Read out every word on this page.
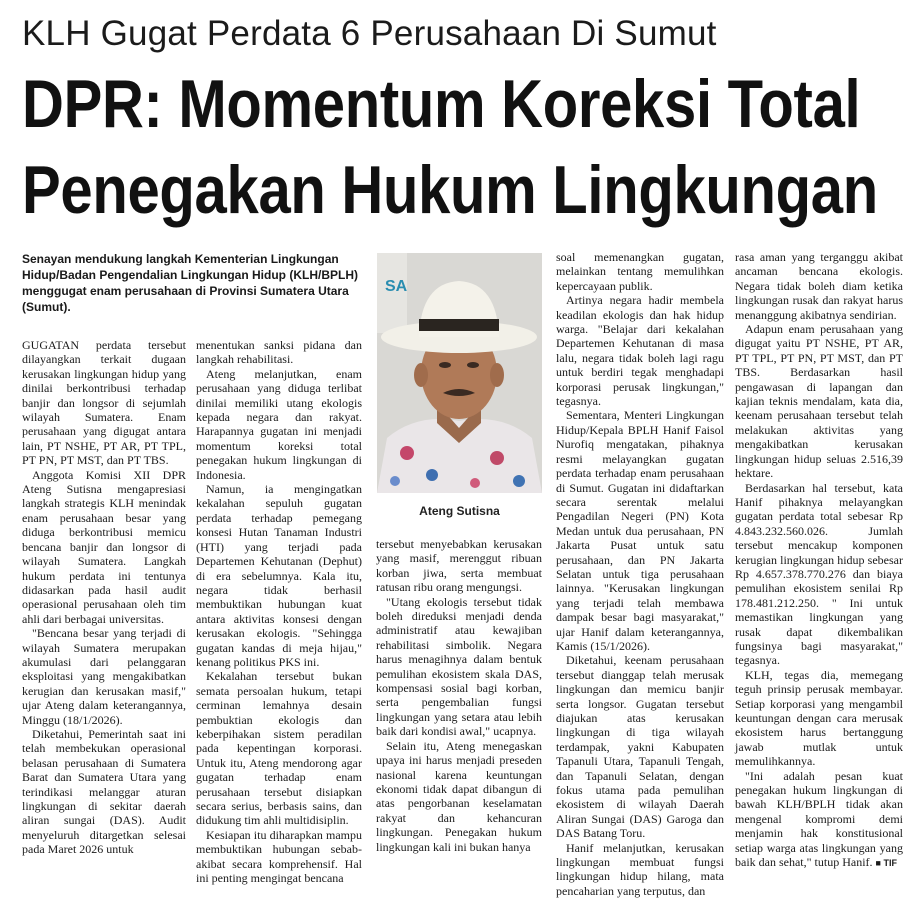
KLH Gugat Perdata 6 Perusahaan Di Sumut
DPR: Momentum Koreksi Total
Penegakan Hukum Lingkungan
Senayan mendukung langkah Kementerian Lingkungan Hidup/Badan Pengendalian Lingkungan Hidup (KLH/BPLH) menggugat enam perusahaan di Provinsi Sumatera Utara (Sumut).
SA
Ateng Sutisna

GUGATAN perdata tersebut dilayangkan terkait dugaan kerusakan lingkungan hidup yang dinilai berkontribusi terhadap banjir dan longsor di sejumlah wilayah Sumatera. Enam perusahaan yang digugat antara lain, PT NSHE, PT AR, PT TPL, PT PN, PT MST, dan PT TBS.

Anggota Komisi XII DPR Ateng Sutisna mengapresiasi langkah strategis KLH menindak enam perusahaan besar yang diduga berkontribusi memicu bencana banjir dan longsor di wilayah Sumatera. Langkah hukum perdata ini tentunya didasarkan pada hasil audit operasional perusahaan oleh tim ahli dari berbagai universitas.

"Bencana besar yang terjadi di wilayah Sumatera merupakan akumulasi dari pelanggaran eksploitasi yang mengakibatkan kerugian dan kerusakan masif," ujar Ateng dalam keterangannya, Minggu (18/1/2026).

Diketahui, Pemerintah saat ini telah membekukan operasional belasan perusahaan di Sumatera Barat dan Sumatera Utara yang terindikasi melanggar aturan lingkungan di sekitar daerah aliran sungai (DAS). Audit menyeluruh ditargetkan selesai pada Maret 2026 untuk

menentukan sanksi pidana dan langkah rehabilitasi.

Ateng melanjutkan, enam perusahaan yang diduga terlibat dinilai memiliki utang ekologis kepada negara dan rakyat. Harapannya gugatan ini menjadi momentum koreksi total penegakan hukum lingkungan di Indonesia.

Namun, ia mengingatkan kekalahan sepuluh gugatan perdata terhadap pemegang konsesi Hutan Tanaman Industri (HTI) yang terjadi pada Departemen Kehutanan (Dephut) di era sebelumnya. Kala itu, negara tidak berhasil membuktikan hubungan kuat antara aktivitas konsesi dengan kerusakan ekologis. "Sehingga gugatan kandas di meja hijau," kenang politikus PKS ini.

Kekalahan tersebut bukan semata persoalan hukum, tetapi cerminan lemahnya desain pembuktian ekologis dan keberpihakan sistem peradilan pada kepentingan korporasi. Untuk itu, Ateng mendorong agar gugatan terhadap enam perusahaan tersebut disiapkan secara serius, berbasis sains, dan didukung tim ahli multidisiplin.

Kesiapan itu diharapkan mampu membuktikan hubungan sebab-akibat secara komprehensif. Hal ini penting mengingat bencana

tersebut menyebabkan kerusakan yang masif, merenggut ribuan korban jiwa, serta membuat ratusan ribu orang mengungsi.

"Utang ekologis tersebut tidak boleh direduksi menjadi denda administratif atau kewajiban rehabilitasi simbolik. Negara harus menagihnya dalam bentuk pemulihan ekosistem skala DAS, kompensasi sosial bagi korban, serta pengembalian fungsi lingkungan yang setara atau lebih baik dari kondisi awal," ucapnya.

Selain itu, Ateng menegaskan upaya ini harus menjadi preseden nasional karena keuntungan ekonomi tidak dapat dibangun di atas pengorbanan keselamatan rakyat dan kehancuran lingkungan. Penegakan hukum lingkungan kali ini bukan hanya

soal memenangkan gugatan, melainkan tentang memulihkan kepercayaan publik.

Artinya negara hadir membela keadilan ekologis dan hak hidup warga. "Belajar dari kekalahan Departemen Kehutanan di masa lalu, negara tidak boleh lagi ragu untuk berdiri tegak menghadapi korporasi perusak lingkungan," tegasnya.

Sementara, Menteri Lingkungan Hidup/Kepala BPLH Hanif Faisol Nurofiq mengatakan, pihaknya resmi melayangkan gugatan perdata terhadap enam perusahaan di Sumut. Gugatan ini didaftarkan secara serentak melalui Pengadilan Negeri (PN) Kota Medan untuk dua perusahaan, PN Jakarta Pusat untuk satu perusahaan, dan PN Jakarta Selatan untuk tiga perusahaan lainnya. "Kerusakan lingkungan yang terjadi telah membawa dampak besar bagi masyarakat," ujar Hanif dalam keterangannya, Kamis (15/1/2026).

Diketahui, keenam perusahaan tersebut dianggap telah merusak lingkungan dan memicu banjir serta longsor. Gugatan tersebut diajukan atas kerusakan lingkungan di tiga wilayah terdampak, yakni Kabupaten Tapanuli Utara, Tapanuli Tengah, dan Tapanuli Selatan, dengan fokus utama pada pemulihan ekosistem di wilayah Daerah Aliran Sungai (DAS) Garoga dan DAS Batang Toru.

Hanif melanjutkan, kerusakan lingkungan membuat fungsi lingkungan hidup hilang, mata pencaharian yang terputus, dan

rasa aman yang terganggu akibat ancaman bencana ekologis. Negara tidak boleh diam ketika lingkungan rusak dan rakyat harus menanggung akibatnya sendirian.

Adapun enam perusahaan yang digugat yaitu PT NSHE, PT AR, PT TPL, PT PN, PT MST, dan PT TBS. Berdasarkan hasil pengawasan di lapangan dan kajian teknis mendalam, kata dia, keenam perusahaan tersebut telah melakukan aktivitas yang mengakibatkan kerusakan lingkungan hidup seluas 2.516,39 hektare.

Berdasarkan hal tersebut, kata Hanif pihaknya melayangkan gugatan perdata total sebesar Rp 4.843.232.560.026. Jumlah tersebut mencakup komponen kerugian lingkungan hidup sebesar Rp 4.657.378.770.276 dan biaya pemulihan ekosistem senilai Rp 178.481.212.250. " Ini untuk memastikan lingkungan yang rusak dapat dikembalikan fungsinya bagi masyarakat," tegasnya.

KLH, tegas dia, memegang teguh prinsip perusak membayar. Setiap korporasi yang mengambil keuntungan dengan cara merusak ekosistem harus bertanggung jawab mutlak untuk memulihkannya.

"Ini adalah pesan kuat penegakan hukum lingkungan di bawah KLH/BPLH tidak akan mengenal kompromi demi menjamin hak konstitusional setiap warga atas lingkungan yang baik dan sehat," tutup Hanif. ■ TIF
